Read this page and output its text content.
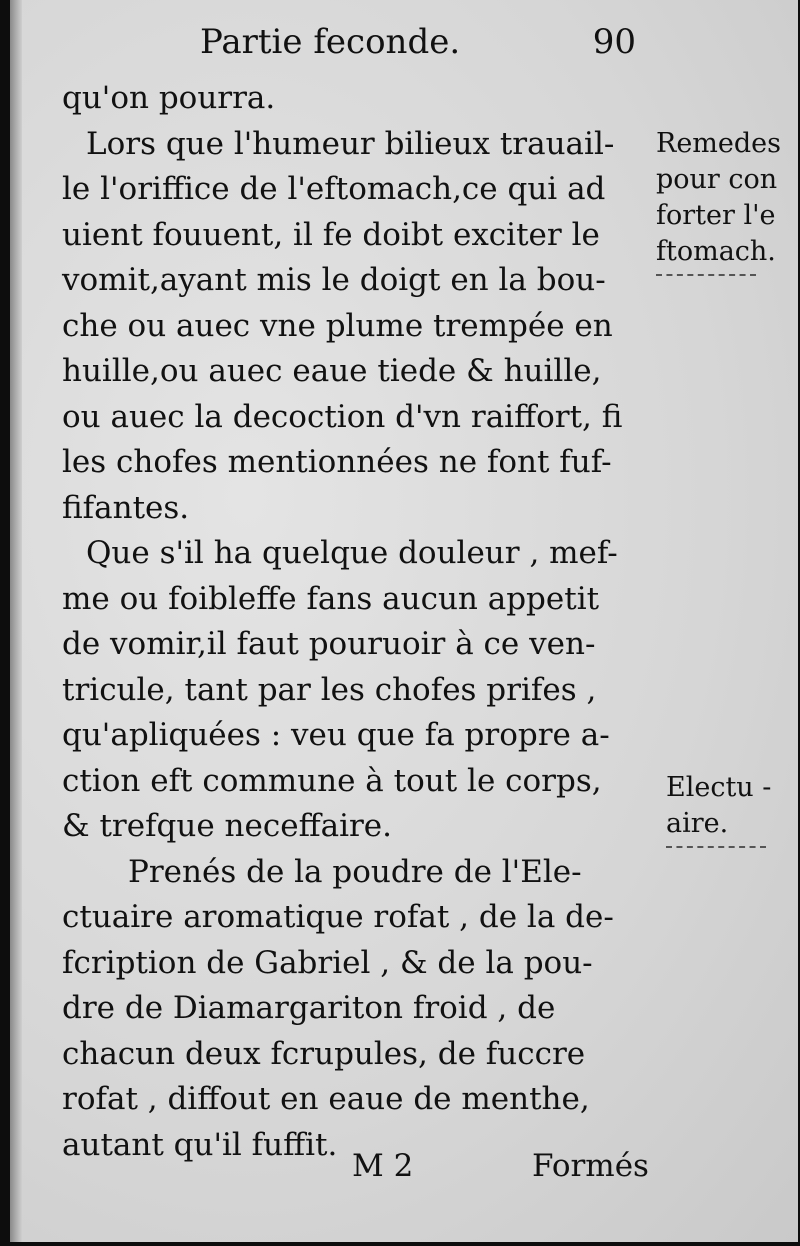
Partie feconde.	90
qu'on pourra.
Lors que l'humeur bilieux trauail-
le l'oriffice de l'eftomach,ce qui ad
uient fouuent, il fe doibt exciter le
vomit,ayant mis le doigt en la bou-
che ou auec vne plume trempée en
huille,ou auec eaue tiede & huille,
ou auec la decoction d'vn raiffort, fi
les chofes mentionnées ne font fuf-
fifantes.
Que s'il ha quelque douleur , mef-
me ou foibleffe fans aucun appetit
de vomir,il faut pouruoir à ce ven-
tricule, tant par les chofes prifes ,
qu'apliquées : veu que fa propre a-
ction eft commune à tout le corps,
& trefque neceffaire.
Prenés de la poudre de l'Ele-
ctuaire aromatique rofat , de la de-
fcription de Gabriel , & de la pou-
dre de Diamargariton froid , de
chacun deux fcrupules, de fuccre
rofat , diffout en eaue de menthe,
autant qu'il fuffit.
Remedes
pour con
forter l'e
ftomach.
Electu -
aire.
M 2	Formés
